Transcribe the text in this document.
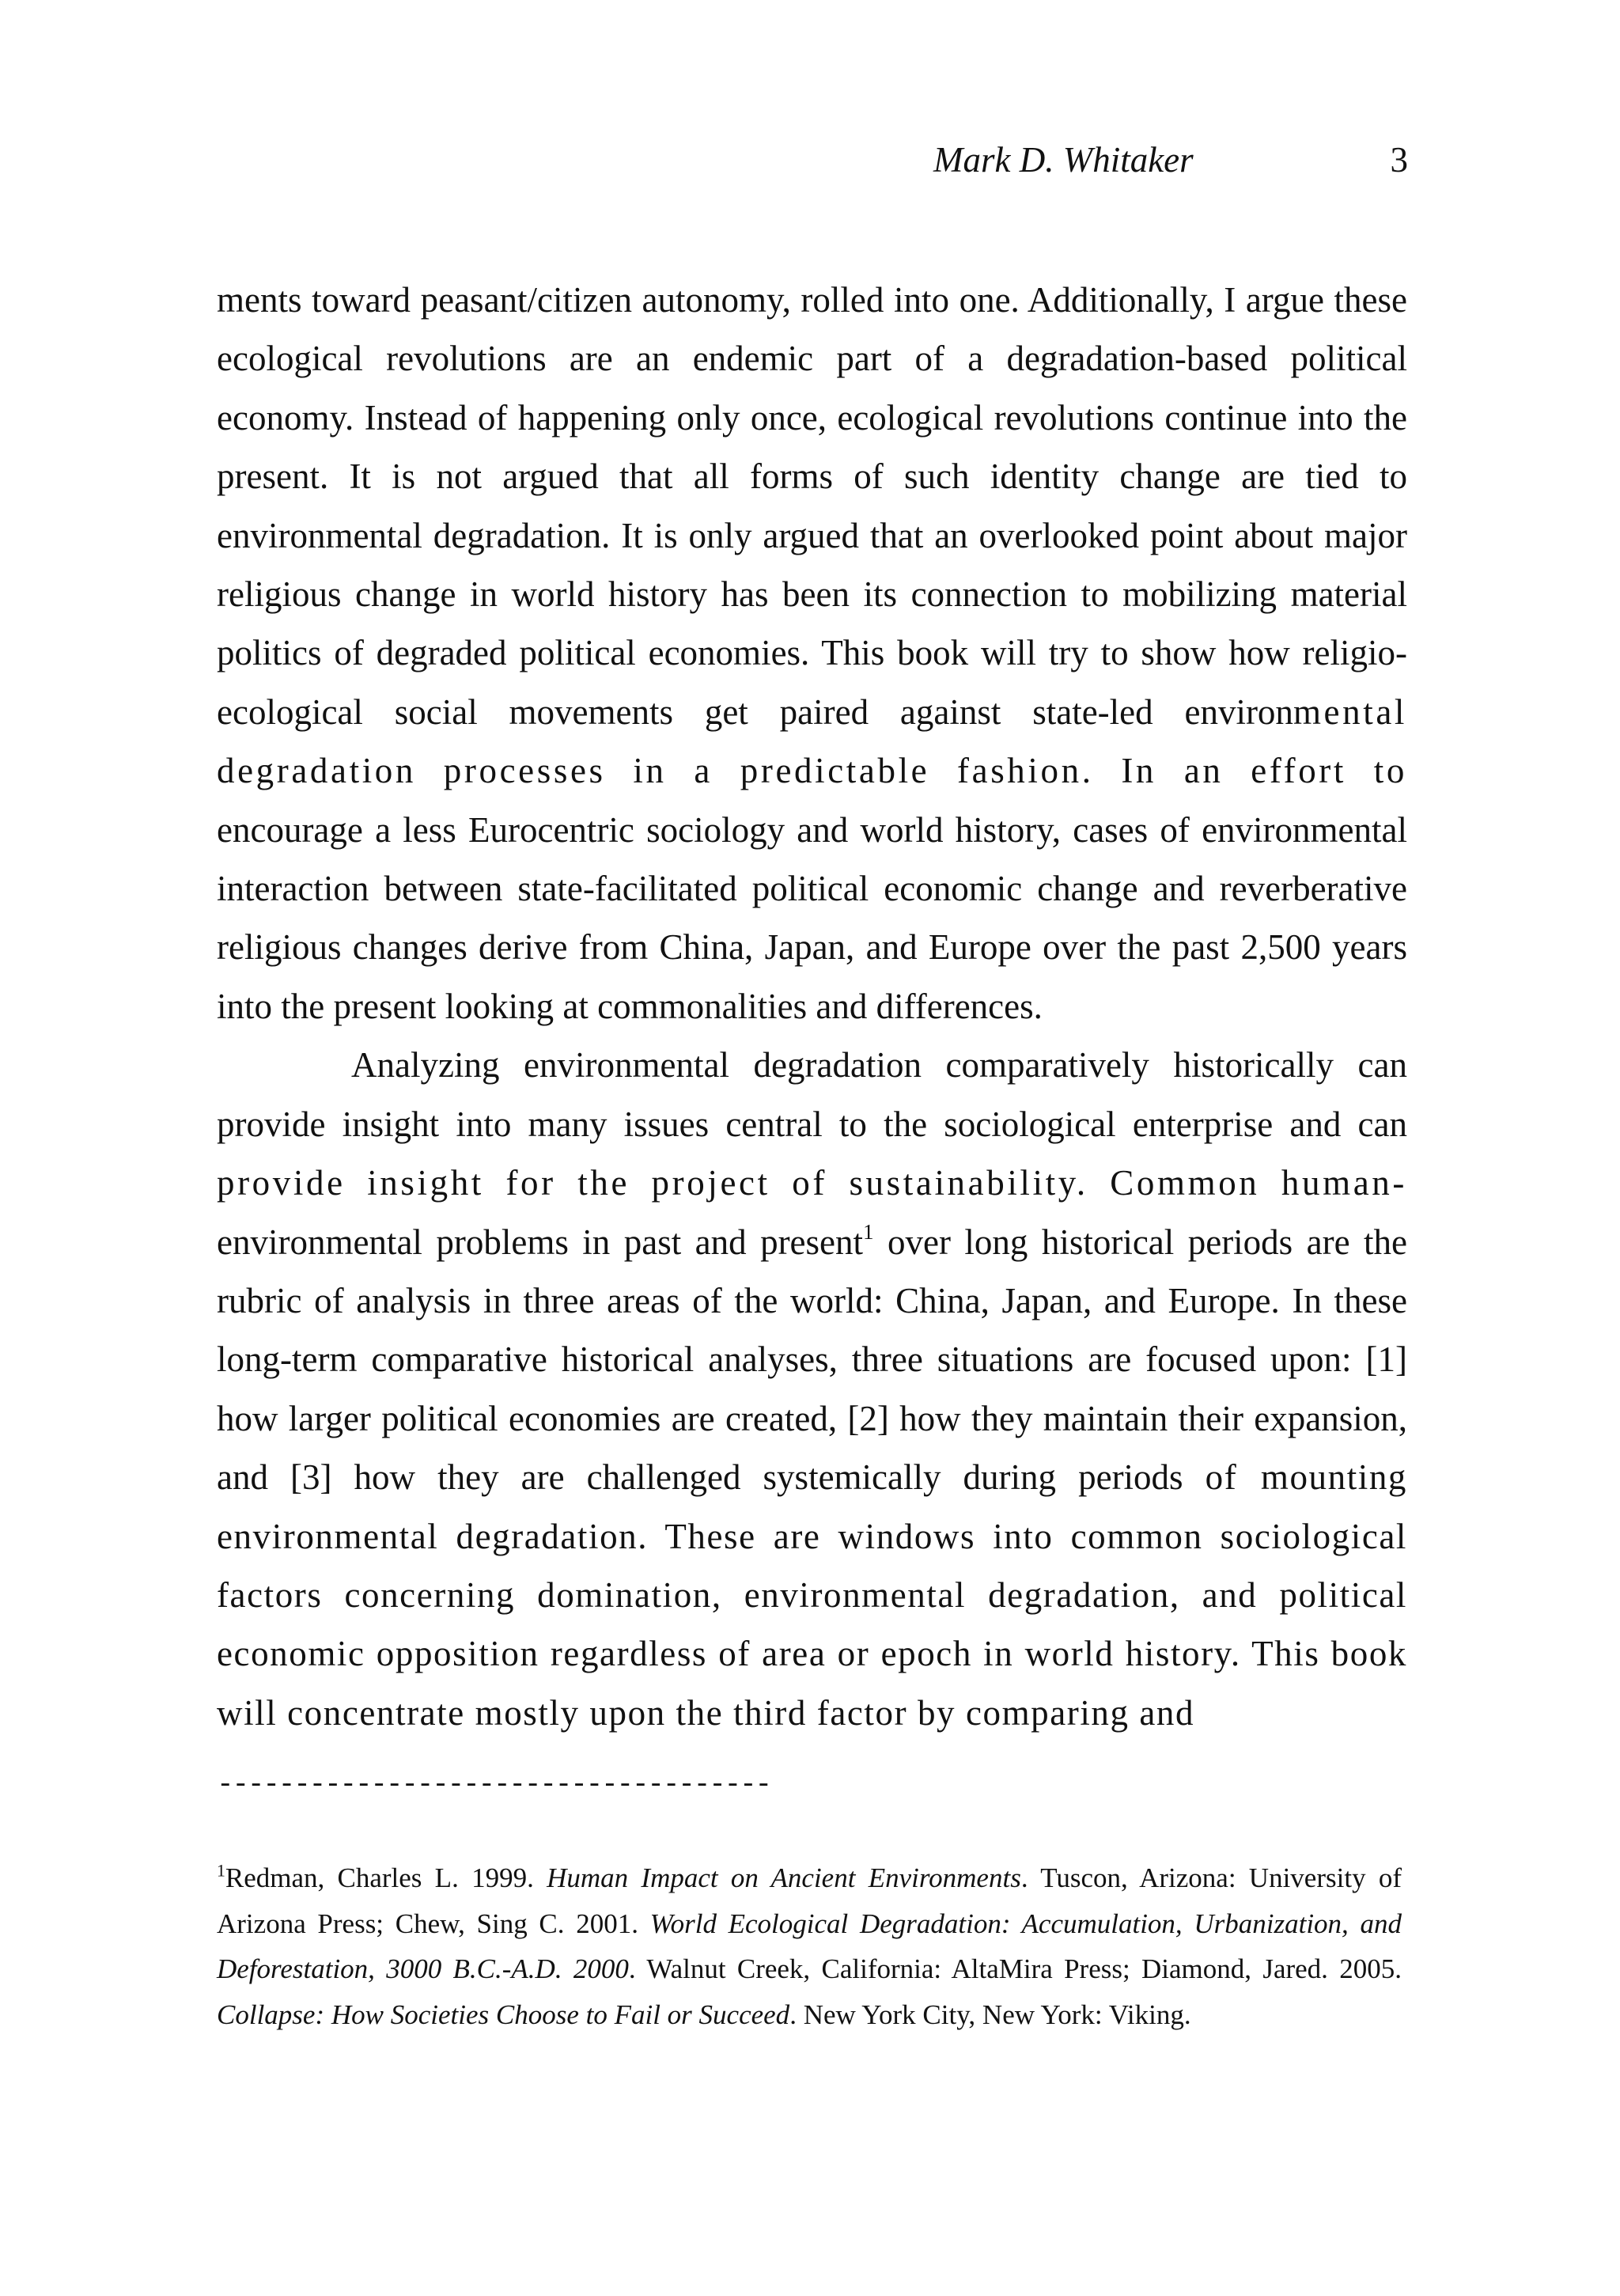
Mark D. Whitaker	3

ments toward peasant/citizen autonomy, rolled into one. Additionally, I argue these ecological revolutions are an endemic part of a degradation-based political economy. Instead of happening only once, ecological revolutions continue into the present. It is not argued that all forms of such identity change are tied to environmental degradation. It is only argued that an overlooked point about major religious change in world history has been its connection to mobilizing material politics of degraded political economies. This book will try to show how religio-ecological social movements get paired against state-led environmental degradation processes in a predictable fashion. In an effort to encourage a less Eurocentric sociology and world history, cases of environmental interaction between state-facilitated political economic change and reverberative religious changes derive from China, Japan, and Europe over the past 2,500 years into the present looking at commonalities and differences.

Analyzing environmental degradation comparatively historically can provide insight into many issues central to the sociological enterprise and can provide insight for the project of sustainability. Common human- environmental problems in past and present$^1$ over long historical periods are the rubric of analysis in three areas of the world: China, Japan, and Europe. In these long-term comparative historical analyses, three situations are focused upon: [1] how larger political economies are created, [2] how they maintain their expansion, and [3] how they are challenged systemically during periods of mounting environmental degradation. These are windows into common sociological factors concerning domination, environmental degradation, and political economic opposition regardless of area or epoch in world history. This book will concentrate mostly upon the third factor by comparing and

------------------------------------

$^1$Redman, Charles L. 1999. Human Impact on Ancient Environments. Tuscon, Arizona: University of Arizona Press; Chew, Sing C. 2001. World Ecological Degradation: Accumulation, Urbanization, and Deforestation, 3000 B.C.-A.D. 2000. Walnut Creek, California: AltaMira Press; Diamond, Jared. 2005. Collapse: How Societies Choose to Fail or Succeed. New York City, New York: Viking.
